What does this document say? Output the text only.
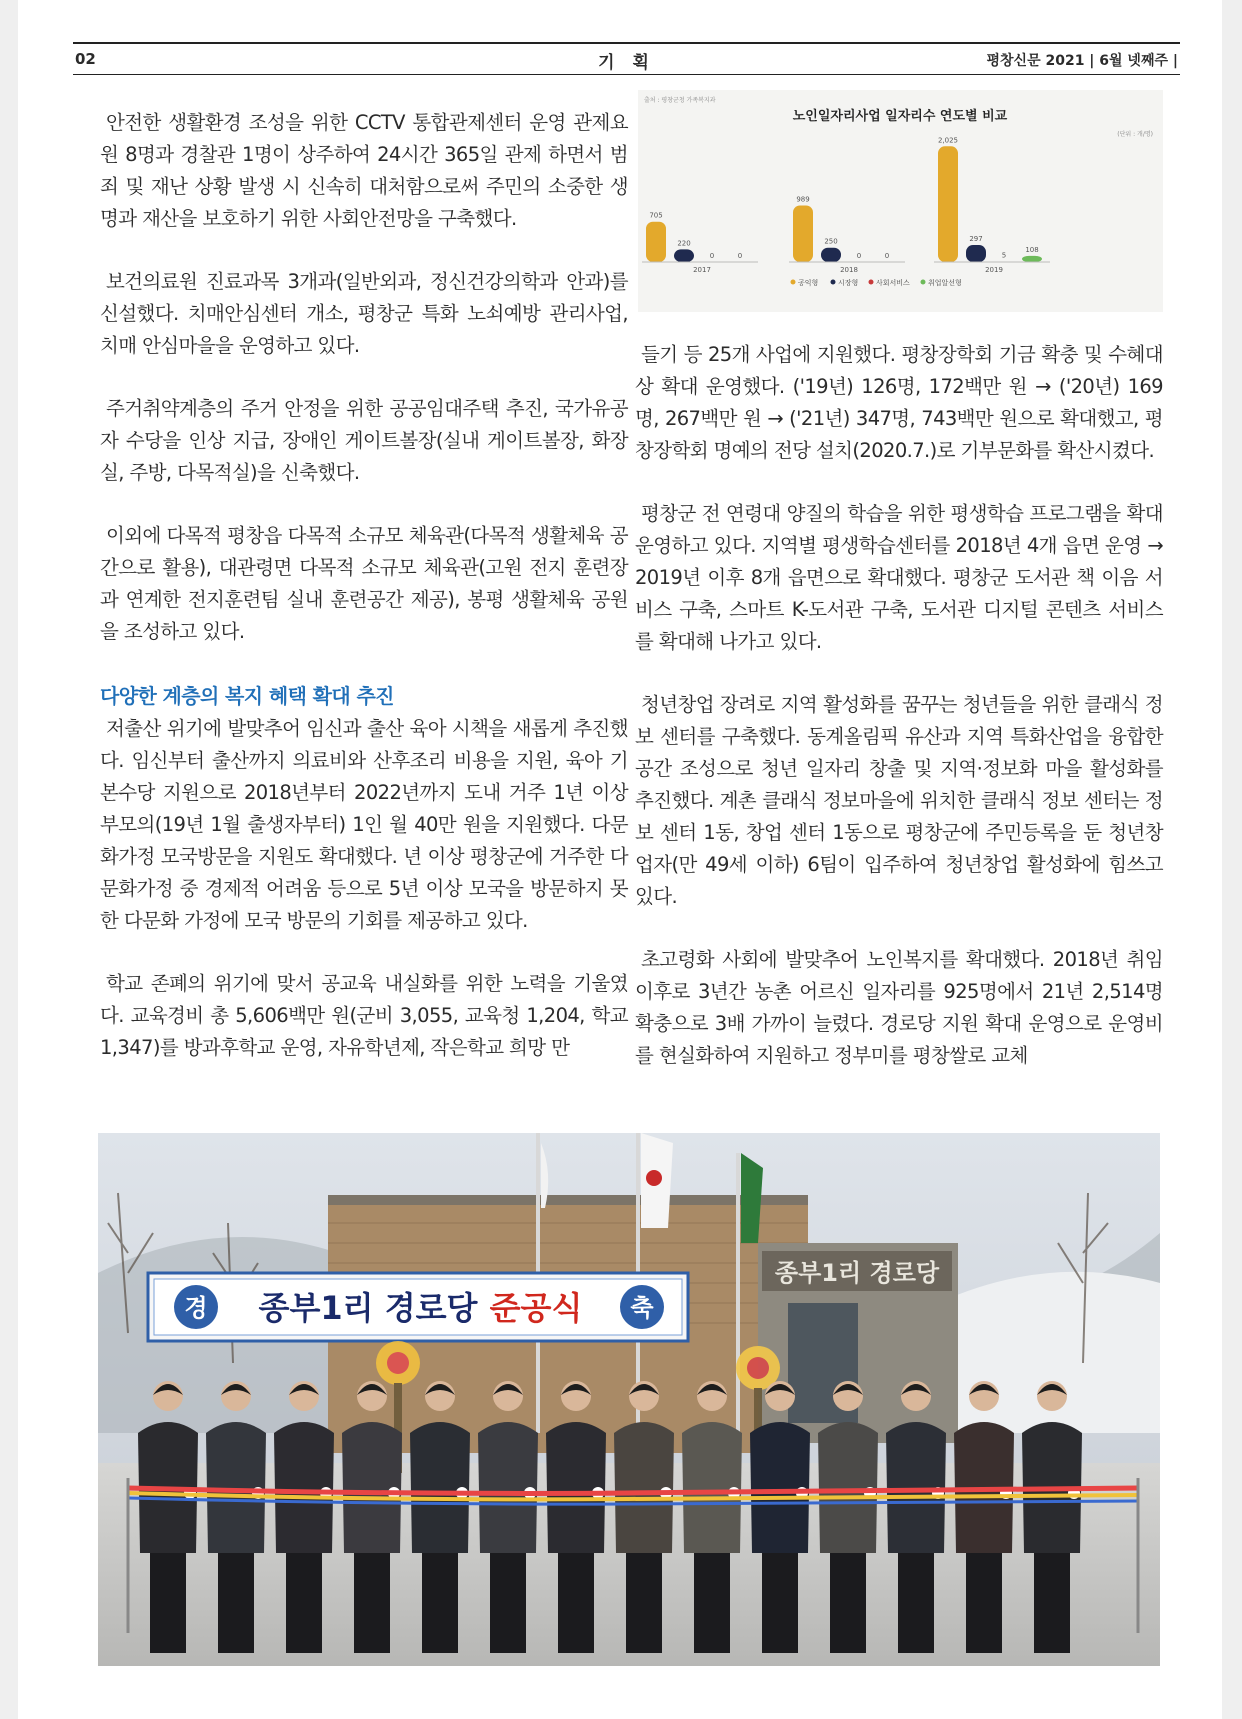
02	기 획	평창신문 2021 | 6월 넷째주 |

안전한 생활환경 조성을 위한 CCTV 통합관제센터 운영 관제요원 8명과 경찰관 1명이 상주하여 24시간 365일 관제 하면서 범죄 및 재난 상황 발생 시 신속히 대처함으로써 주민의 소중한 생명과 재산을 보호하기 위한 사회안전망을 구축했다.

보건의료원 진료과목 3개과(일반외과, 정신건강의학과 안과)를 신설했다. 치매안심센터 개소, 평창군 특화 노쇠예방 관리사업, 치매 안심마을을 운영하고 있다.

주거취약계층의 주거 안정을 위한 공공임대주택 추진, 국가유공자 수당을 인상 지급, 장애인 게이트볼장(실내 게이트볼장, 화장실, 주방, 다목적실)을 신축했다.

이외에 다목적 평창읍 다목적 소규모 체육관(다목적 생활체육 공간으로 활용), 대관령면 다목적 소규모 체육관(고원 전지 훈련장과 연계한 전지훈련팀 실내 훈련공간 제공), 봉평 생활체육 공원을 조성하고 있다.

다양한 계층의 복지 혜택 확대 추진

저출산 위기에 발맞추어 임신과 출산 육아 시책을 새롭게 추진했다. 임신부터 출산까지 의료비와 산후조리 비용을 지원, 육아 기본수당 지원으로 2018년부터 2022년까지 도내 거주 1년 이상 부모의(19년 1월 출생자부터) 1인 월 40만 원을 지원했다. 다문화가정 모국방문을 지원도 확대했다. 년 이상 평창군에 거주한 다문화가정 중 경제적 어려움 등으로 5년 이상 모국을 방문하지 못한 다문화 가정에 모국 방문의 기회를 제공하고 있다.

학교 존폐의 위기에 맞서 공교육 내실화를 위한 노력을 기울였다. 교육경비 총 5,606백만 원(군비 3,055, 교육청 1,204, 학교 1,347)를 방과후학교 운영, 자유학년제, 작은학교 희망 만

출처 : 평창군청 가족복지과
노인일자리사업 일자리수 연도별 비교
(단위 : 개/명)
705
220
0	0
2017
989
250
0	0
2018
2,025
297
5
108
2019
공익형	시장형	사회서비스	취업알선형

들기 등 25개 사업에 지원했다. 평창장학회 기금 확충 및 수혜대상 확대 운영했다. ('19년) 126명, 172백만 원 → ('20년) 169명, 267백만 원 → ('21년) 347명, 743백만 원으로 확대했고, 평창장학회 명예의 전당 설치(2020.7.)로 기부문화를 확산시켰다.

평창군 전 연령대 양질의 학습을 위한 평생학습 프로그램을 확대 운영하고 있다. 지역별 평생학습센터를 2018년 4개 읍면 운영 → 2019년 이후 8개 읍면으로 확대했다. 평창군 도서관 책 이음 서비스 구축, 스마트 K-도서관 구축, 도서관 디지털 콘텐츠 서비스를 확대해 나가고 있다.

청년창업 장려로 지역 활성화를 꿈꾸는 청년들을 위한 클래식 정보 센터를 구축했다. 동계올림픽 유산과 지역 특화산업을 융합한 공간 조성으로 청년 일자리 창출 및 지역·정보화 마을 활성화를 추진했다. 계촌 클래식 정보마을에 위치한 클래식 정보 센터는 정보 센터 1동, 창업 센터 1동으로 평창군에 주민등록을 둔 청년창업자(만 49세 이하) 6팀이 입주하여 청년창업 활성화에 힘쓰고 있다.

초고령화 사회에 발맞추어 노인복지를 확대했다. 2018년 취임 이후로 3년간 농촌 어르신 일자리를 925명에서 21년 2,514명 확충으로 3배 가까이 늘렸다. 경로당 지원 확대 운영으로 운영비를 현실화하여 지원하고 정부미를 평창쌀로 교체

종부1리 경로당
경	축
종부1리 경로당 준공식
